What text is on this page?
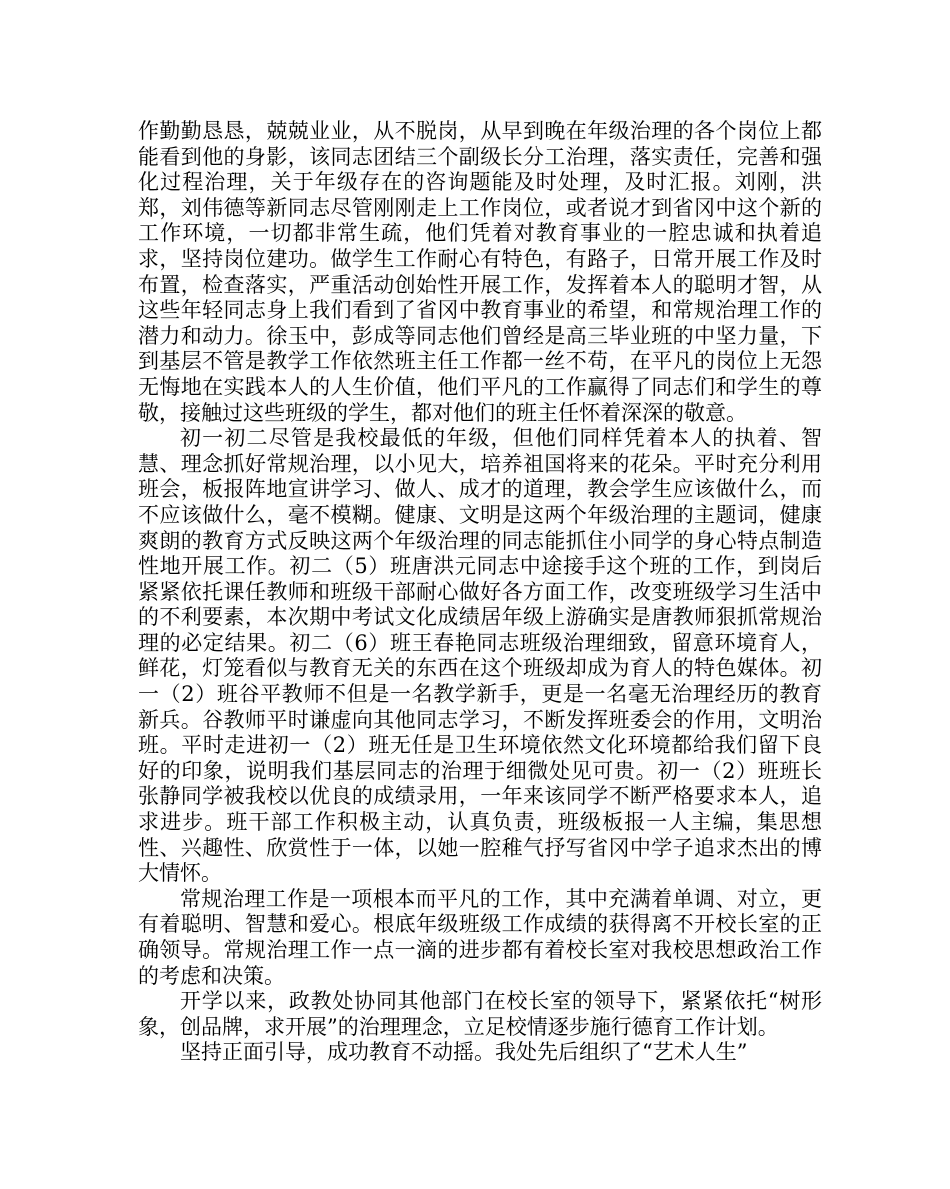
作勤勤恳恳，兢兢业业，从不脱岗，从早到晚在年级治理的各个岗位上都能看到他的身影，该同志团结三个副级长分工治理，落实责任，完善和强化过程治理，关于年级存在的咨询题能及时处理，及时汇报。刘刚，洪郑，刘伟德等新同志尽管刚刚走上工作岗位，或者说才到省冈中这个新的工作环境，一切都非常生疏，他们凭着对教育事业的一腔忠诚和执着追求，坚持岗位建功。做学生工作耐心有特色，有路子，日常开展工作及时布置，检查落实，严重活动创始性开展工作，发挥着本人的聪明才智，从这些年轻同志身上我们看到了省冈中教育事业的希望，和常规治理工作的潜力和动力。徐玉中，彭成等同志他们曾经是高三毕业班的中坚力量，下到基层不管是教学工作依然班主任工作都一丝不苟，在平凡的岗位上无怨无悔地在实践本人的人生价值，他们平凡的工作赢得了同志们和学生的尊敬，接触过这些班级的学生，都对他们的班主任怀着深深的敬意。

初一初二尽管是我校最低的年级，但他们同样凭着本人的执着、智慧、理念抓好常规治理，以小见大，培养祖国将来的花朵。平时充分利用班会，板报阵地宣讲学习、做人、成才的道理，教会学生应该做什么，而不应该做什么，毫不模糊。健康、文明是这两个年级治理的主题词，健康爽朗的教育方式反映这两个年级治理的同志能抓住小同学的身心特点制造性地开展工作。初二（5）班唐洪元同志中途接手这个班的工作，到岗后紧紧依托课任教师和班级干部耐心做好各方面工作，改变班级学习生活中的不利要素，本次期中考试文化成绩居年级上游确实是唐教师狠抓常规治理的必定结果。初二（6）班王春艳同志班级治理细致，留意环境育人，鲜花，灯笼看似与教育无关的东西在这个班级却成为育人的特色媒体。初一（2）班谷平教师不但是一名教学新手，更是一名毫无治理经历的教育新兵。谷教师平时谦虚向其他同志学习，不断发挥班委会的作用，文明治班。平时走进初一（2）班无任是卫生环境依然文化环境都给我们留下良好的印象，说明我们基层同志的治理于细微处见可贵。初一（2）班班长张静同学被我校以优良的成绩录用，一年来该同学不断严格要求本人，追求进步。班干部工作积极主动，认真负责，班级板报一人主编，集思想性、兴趣性、欣赏性于一体，以她一腔稚气抒写省冈中学子追求杰出的博大情怀。

常规治理工作是一项根本而平凡的工作，其中充满着单调、对立，更有着聪明、智慧和爱心。根底年级班级工作成绩的获得离不开校长室的正确领导。常规治理工作一点一滴的进步都有着校长室对我校思想政治工作的考虑和决策。

开学以来，政教处协同其他部门在校长室的领导下，紧紧依托“树形象，创品牌，求开展”的治理理念，立足校情逐步施行德育工作计划。

坚持正面引导，成功教育不动摇。我处先后组织了“艺术人生”
